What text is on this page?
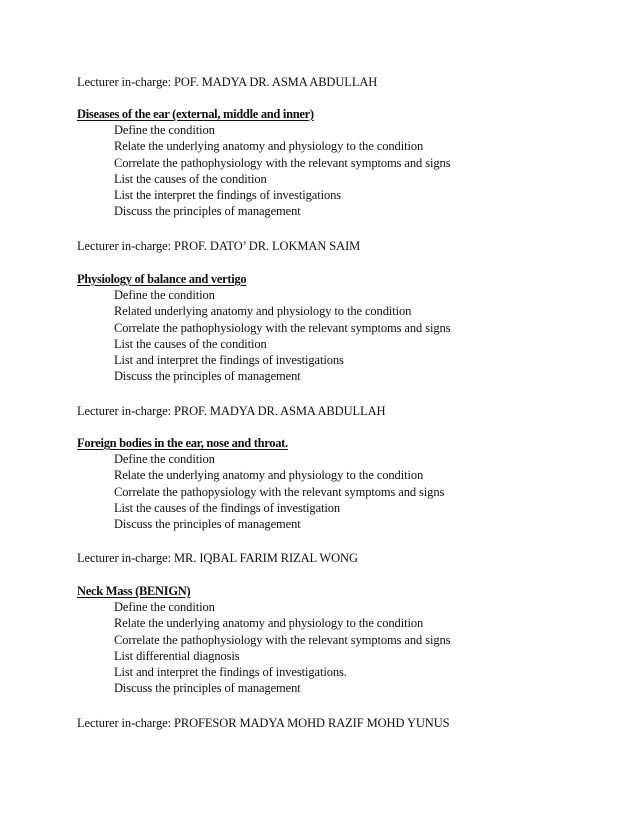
Lecturer in-charge: POF. MADYA DR. ASMA ABDULLAH
Diseases of the ear (external, middle and inner)
Define the condition
Relate the underlying anatomy and physiology to the condition
Correlate the pathophysiology with the relevant symptoms and signs
List the causes of the condition
List the interpret the findings of investigations
Discuss the principles of management
Lecturer in-charge: PROF. DATO’ DR. LOKMAN SAIM
Physiology of balance and vertigo
Define the condition
Related underlying anatomy and physiology to the condition
Correlate the pathophysiology with the relevant symptoms and signs
List the causes of the condition
List and interpret the findings of investigations
Discuss the principles of management
Lecturer in-charge: PROF. MADYA DR. ASMA ABDULLAH
Foreign bodies in the ear, nose and throat.
Define the condition
Relate the underlying anatomy and physiology to the condition
Correlate the pathopysiology with the relevant symptoms and signs
List the causes of the findings of investigation
Discuss the principles of management
Lecturer in-charge: MR. IQBAL FARIM RIZAL WONG
Neck Mass (BENIGN)
Define the condition
Relate the underlying anatomy and physiology to the condition
Correlate the pathophysiology with the relevant symptoms and signs
List differential diagnosis
List and interpret the findings of investigations.
Discuss the principles of management
Lecturer in-charge: PROFESOR MADYA MOHD RAZIF MOHD YUNUS
